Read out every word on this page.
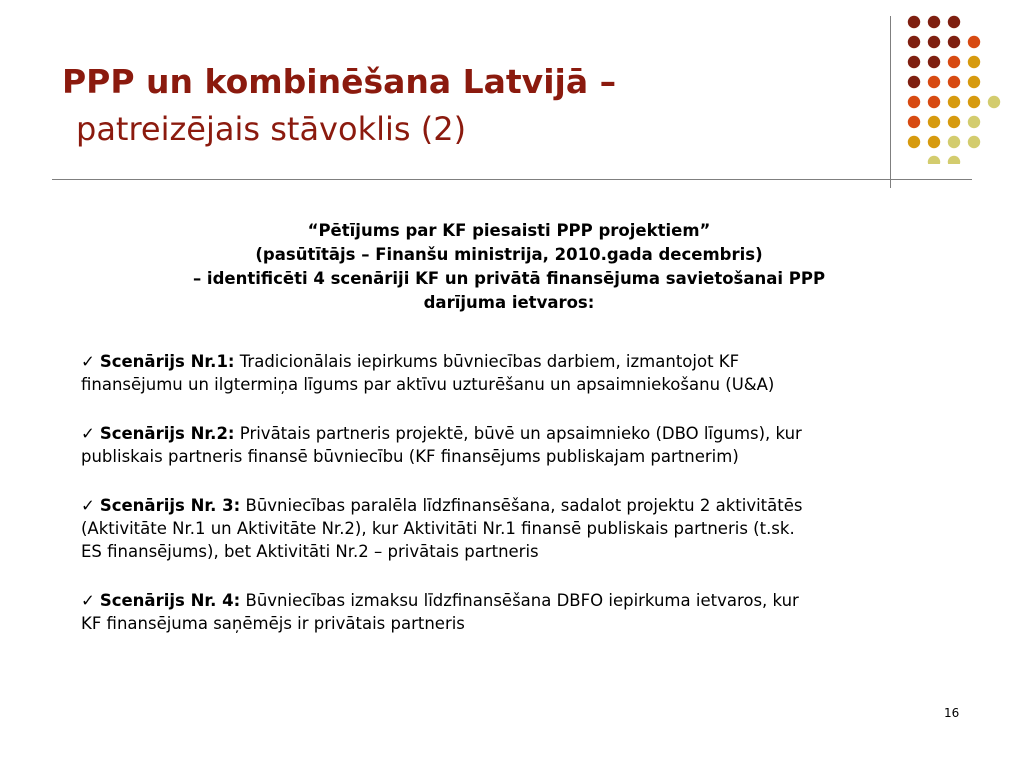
PPP un kombinēšana Latvijā –
patreizējais stāvoklis (2)
“Pētījums par KF piesaisti PPP projektiem”
(pasūtītājs – Finanšu ministrija, 2010.gada decembris)
– identificēti 4 scenāriji KF un privātā finansējuma savietošanai PPP
darījuma ietvaros:
✓ Scenārijs Nr.1: Tradicionālais iepirkums būvniecības darbiem, izmantojot KF
finansējumu un ilgtermiņa līgums par aktīvu uzturēšanu un apsaimniekošanu (U&A)
✓ Scenārijs Nr.2: Privātais partneris projektē, būvē un apsaimnieko (DBO līgums), kur
publiskais partneris finansē būvniecību (KF finansējums publiskajam partnerim)
✓ Scenārijs Nr. 3: Būvniecības paralēla līdzfinansēšana, sadalot projektu 2 aktivitātēs
(Aktivitāte Nr.1 un Aktivitāte Nr.2), kur Aktivitāti Nr.1 finansē publiskais partneris (t.sk.
ES finansējums), bet Aktivitāti Nr.2 – privātais partneris
✓ Scenārijs Nr. 4: Būvniecības izmaksu līdzfinansēšana DBFO iepirkuma ietvaros, kur
KF finansējuma saņēmējs ir privātais partneris
16
